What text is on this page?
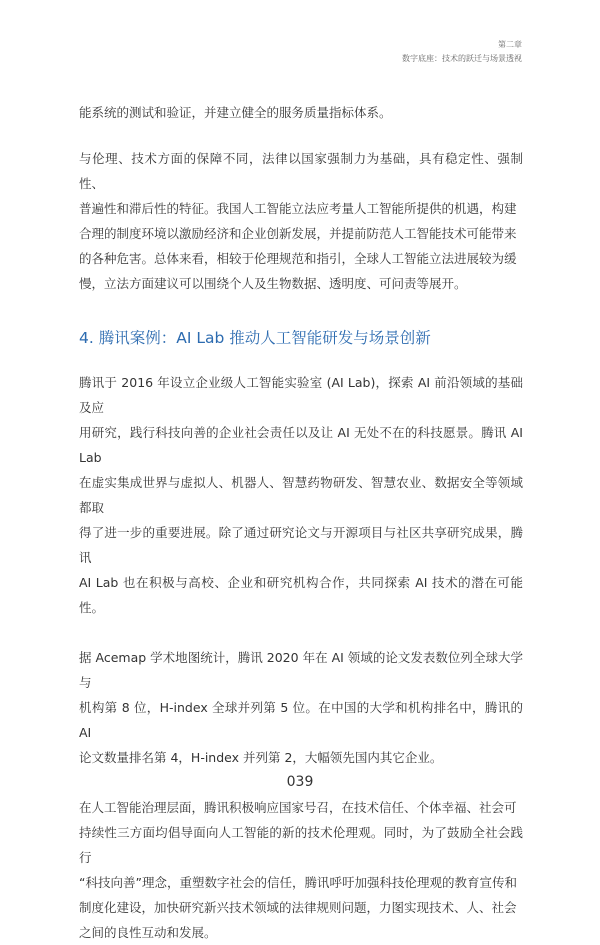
第二章
数字底座：技术的跃迁与场景透视

能系统的测试和验证，并建立健全的服务质量指标体系。

与伦理、技术方面的保障不同，法律以国家强制力为基础，具有稳定性、强制性、
普遍性和滞后性的特征。我国人工智能立法应考量人工智能所提供的机遇，构建
合理的制度环境以激励经济和企业创新发展，并提前防范人工智能技术可能带来
的各种危害。总体来看，相较于伦理规范和指引，全球人工智能立法进展较为缓
慢，立法方面建议可以围绕个人及生物数据、透明度、可问责等展开。

4. 腾讯案例：AI Lab 推动人工智能研发与场景创新

腾讯于 2016 年设立企业级人工智能实验室 (AI Lab)，探索 AI 前沿领域的基础及应
用研究，践行科技向善的企业社会责任以及让 AI 无处不在的科技愿景。腾讯 AI Lab
在虚实集成世界与虚拟人、机器人、智慧药物研发、智慧农业、数据安全等领域都取
得了进一步的重要进展。除了通过研究论文与开源项目与社区共享研究成果，腾讯
AI Lab 也在积极与高校、企业和研究机构合作，共同探索 AI 技术的潜在可能性。

据 Acemap 学术地图统计，腾讯 2020 年在 AI 领域的论文发表数位列全球大学与
机构第 8 位，H-index 全球并列第 5 位。在中国的大学和机构排名中，腾讯的 AI
论文数量排名第 4，H-index 并列第 2，大幅领先国内其它企业。

在人工智能治理层面，腾讯积极响应国家号召，在技术信任、个体幸福、社会可
持续性三方面均倡导面向人工智能的新的技术伦理观。同时，为了鼓励全社会践行
“科技向善”理念，重塑数字社会的信任，腾讯呼吁加强科技伦理观的教育宣传和
制度化建设，加快研究新兴技术领域的法律规则问题，力图实现技术、人、社会
之间的良性互动和发展。

039
